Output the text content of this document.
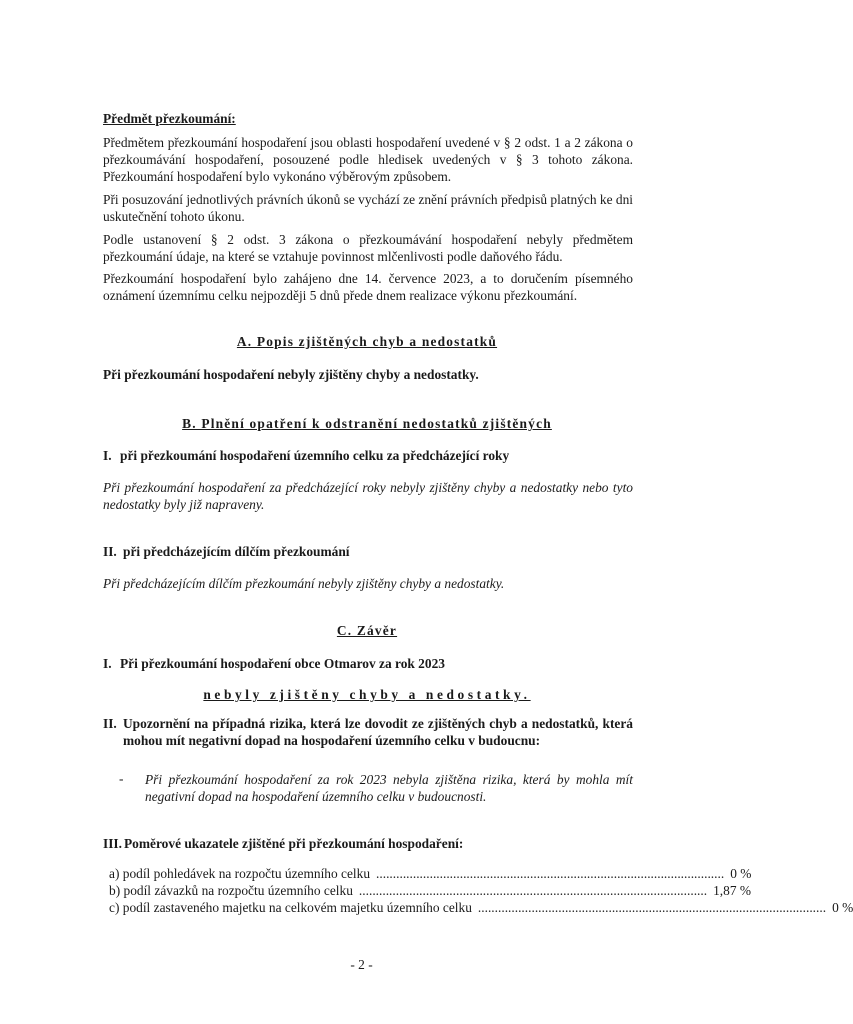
Předmět přezkoumání:

Předmětem přezkoumání hospodaření jsou oblasti hospodaření uvedené v § 2 odst. 1 a 2 zákona o přezkoumávání hospodaření, posouzené podle hledisek uvedených v § 3 tohoto zákona. Přezkoumání hospodaření bylo vykonáno výběrovým způsobem.

Při posuzování jednotlivých právních úkonů se vychází ze znění právních předpisů platných ke dni uskutečnění tohoto úkonu.

Podle ustanovení § 2 odst. 3 zákona o přezkoumávání hospodaření nebyly předmětem přezkoumání údaje, na které se vztahuje povinnost mlčenlivosti podle daňového řádu.

Přezkoumání hospodaření bylo zahájeno dne 14. července 2023, a to doručením písemného oznámení územnímu celku nejpozději 5 dnů přede dnem realizace výkonu přezkoumání.

A. Popis zjištěných chyb a nedostatků
Při přezkoumání hospodaření nebyly zjištěny chyby a nedostatky.
B. Plnění opatření k odstranění nedostatků zjištěných
I. při přezkoumání hospodaření územního celku za předcházející roky

Při přezkoumání hospodaření za předcházející roky nebyly zjištěny chyby a nedostatky nebo tyto nedostatky byly již napraveny.

II. při předcházejícím dílčím přezkoumání

Při předcházejícím dílčím přezkoumání nebyly zjištěny chyby a nedostatky.

C. Závěr
I. Při přezkoumání hospodaření obce Otmarov za rok 2023
nebyly zjištěny chyby a nedostatky.
II. Upozornění na případná rizika, která lze dovodit ze zjištěných chyb a nedostatků, která mohou mít negativní dopad na hospodaření územního celku v budoucnu:
- Při přezkoumání hospodaření za rok 2023 nebyla zjištěna rizika, která by mohla mít negativní dopad na hospodaření územního celku v budoucnosti.

III. Poměrové ukazatele zjištěné při přezkoumání hospodaření:
a) podíl pohledávek na rozpočtu územního celku ........................................................................................................ 0 %
b) podíl závazků na rozpočtu územního celku ........................................................................................................ 1,87 %
c) podíl zastaveného majetku na celkovém majetku územního celku ........................................................................................................ 0 %
- 2 -
